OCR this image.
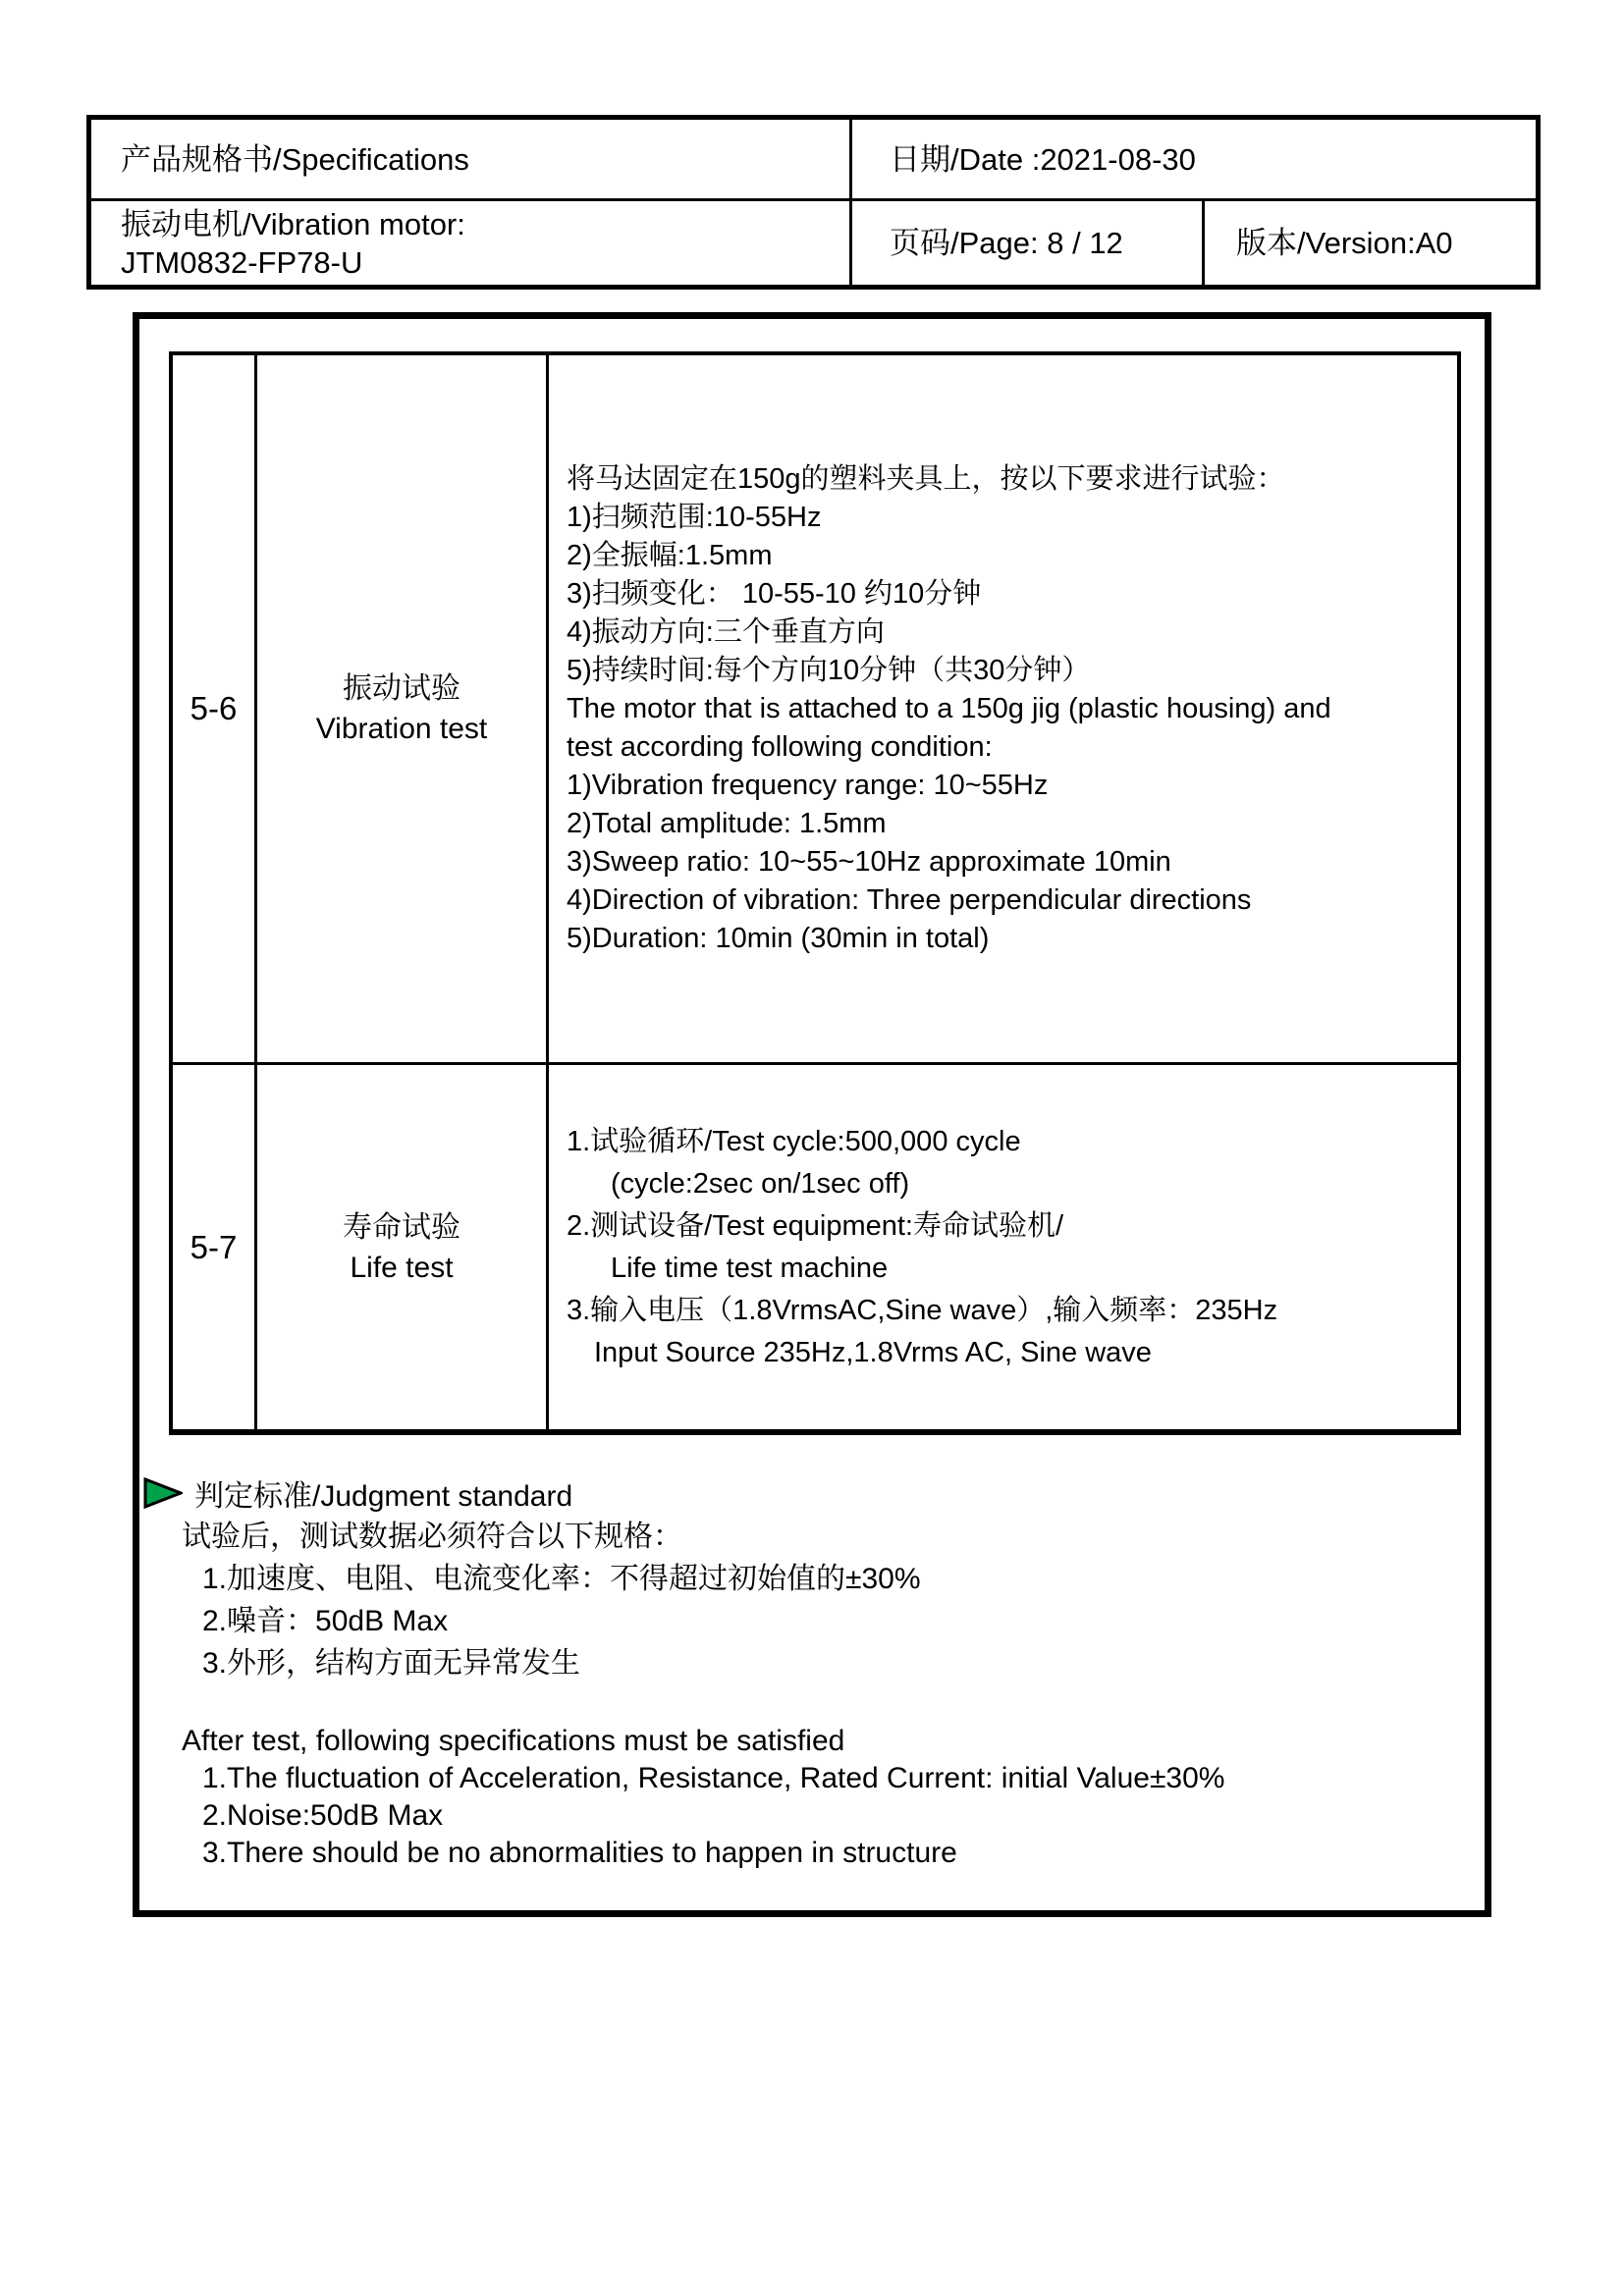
产品规格书/Specifications	日期/Date :2021-08-30
振动电机/Vibration motor:
JTM0832-FP78-U
页码/Page: 8 / 12	版本/Version:A0
5-6
振动试验
Vibration test
将马达固定在150g的塑料夹具上，按以下要求进行试验：
1)扫频范围:10-55Hz
2)全振幅:1.5mm
3)扫频变化： 10-55-10 约10分钟
4)振动方向:三个垂直方向
5)持续时间:每个方向10分钟（共30分钟）
The motor that is attached to a 150g jig (plastic housing) and
test according following condition:
1)Vibration frequency range: 10~55Hz
2)Total amplitude: 1.5mm
3)Sweep ratio: 10~55~10Hz approximate 10min
4)Direction of vibration: Three perpendicular directions
5)Duration: 10min (30min in total)
5-7
寿命试验
Life test
1.试验循环/Test cycle:500,000 cycle
(cycle:2sec on/1sec off)
2.测试设备/Test equipment:寿命试验机/
Life time test machine
3.输入电压（1.8VrmsAC,Sine wave）,输入频率：235Hz
Input Source 235Hz,1.8Vrms AC, Sine wave
判定标准/Judgment standard
试验后，测试数据必须符合以下规格：
1.加速度、电阻、电流变化率：不得超过初始值的±30%
2.噪音：50dB Max
3.外形，结构方面无异常发生
After test, following specifications must be satisfied
1.The fluctuation of Acceleration, Resistance, Rated Current: initial Value±30%
2.Noise:50dB Max
3.There should be no abnormalities to happen in structure
